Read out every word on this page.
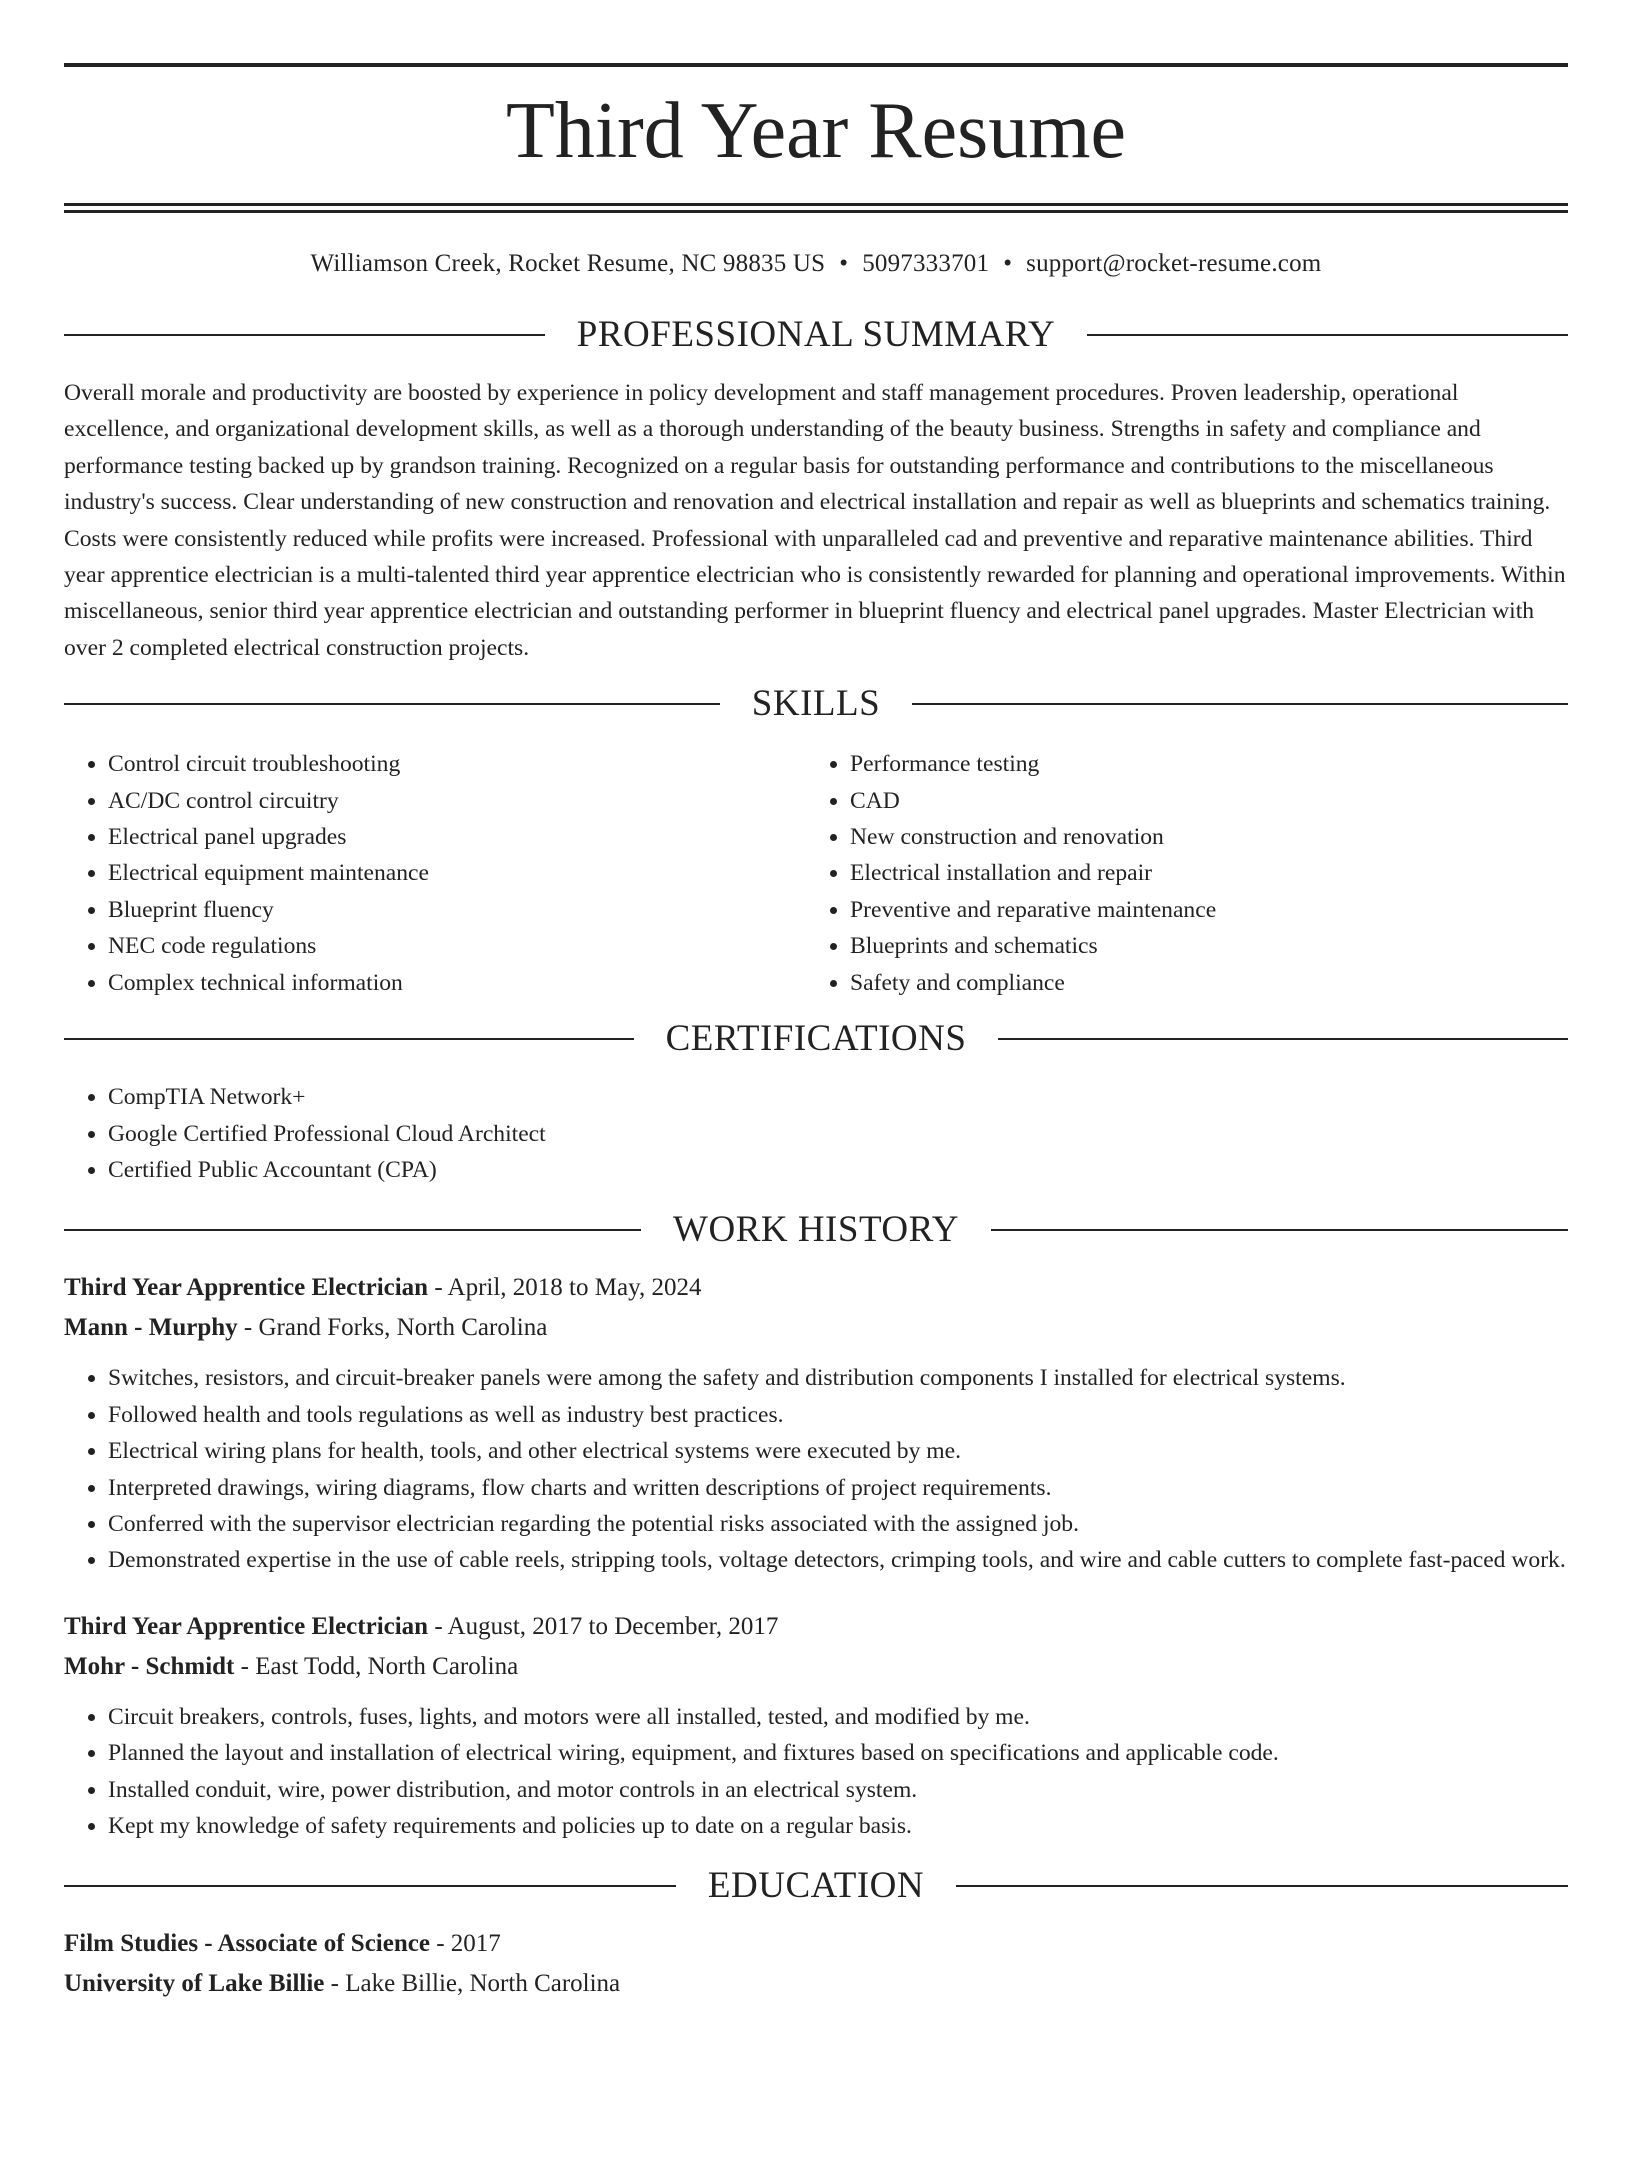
Third Year Resume
Williamson Creek, Rocket Resume, NC 98835 US • 5097333701 • support@rocket-resume.com
PROFESSIONAL SUMMARY

Overall morale and productivity are boosted by experience in policy development and staff management procedures. Proven leadership, operational excellence, and organizational development skills, as well as a thorough understanding of the beauty business. Strengths in safety and compliance and performance testing backed up by grandson training. Recognized on a regular basis for outstanding performance and contributions to the miscellaneous industry's success. Clear understanding of new construction and renovation and electrical installation and repair as well as blueprints and schematics training. Costs were consistently reduced while profits were increased. Professional with unparalleled cad and preventive and reparative maintenance abilities. Third year apprentice electrician is a multi-talented third year apprentice electrician who is consistently rewarded for planning and operational improvements. Within miscellaneous, senior third year apprentice electrician and outstanding performer in blueprint fluency and electrical panel upgrades. Master Electrician with over 2 completed electrical construction projects.

SKILLS
• Control circuit troubleshooting
• AC/DC control circuitry
• Electrical panel upgrades
• Electrical equipment maintenance
• Blueprint fluency
• NEC code regulations
• Complex technical information
• Performance testing
• CAD
• New construction and renovation
• Electrical installation and repair
• Preventive and reparative maintenance
• Blueprints and schematics
• Safety and compliance
CERTIFICATIONS
• CompTIA Network+
• Google Certified Professional Cloud Architect
• Certified Public Accountant (CPA)
WORK HISTORY
Third Year Apprentice Electrician - April, 2018 to May, 2024
Mann - Murphy - Grand Forks, North Carolina
• Switches, resistors, and circuit-breaker panels were among the safety and distribution components I installed for electrical systems.
• Followed health and tools regulations as well as industry best practices.
• Electrical wiring plans for health, tools, and other electrical systems were executed by me.
• Interpreted drawings, wiring diagrams, flow charts and written descriptions of project requirements.
• Conferred with the supervisor electrician regarding the potential risks associated with the assigned job.
• Demonstrated expertise in the use of cable reels, stripping tools, voltage detectors, crimping tools, and wire and cable cutters to complete fast-paced work.
Third Year Apprentice Electrician - August, 2017 to December, 2017
Mohr - Schmidt - East Todd, North Carolina
• Circuit breakers, controls, fuses, lights, and motors were all installed, tested, and modified by me.
• Planned the layout and installation of electrical wiring, equipment, and fixtures based on specifications and applicable code.
• Installed conduit, wire, power distribution, and motor controls in an electrical system.
• Kept my knowledge of safety requirements and policies up to date on a regular basis.
EDUCATION
Film Studies - Associate of Science - 2017
University of Lake Billie - Lake Billie, North Carolina
